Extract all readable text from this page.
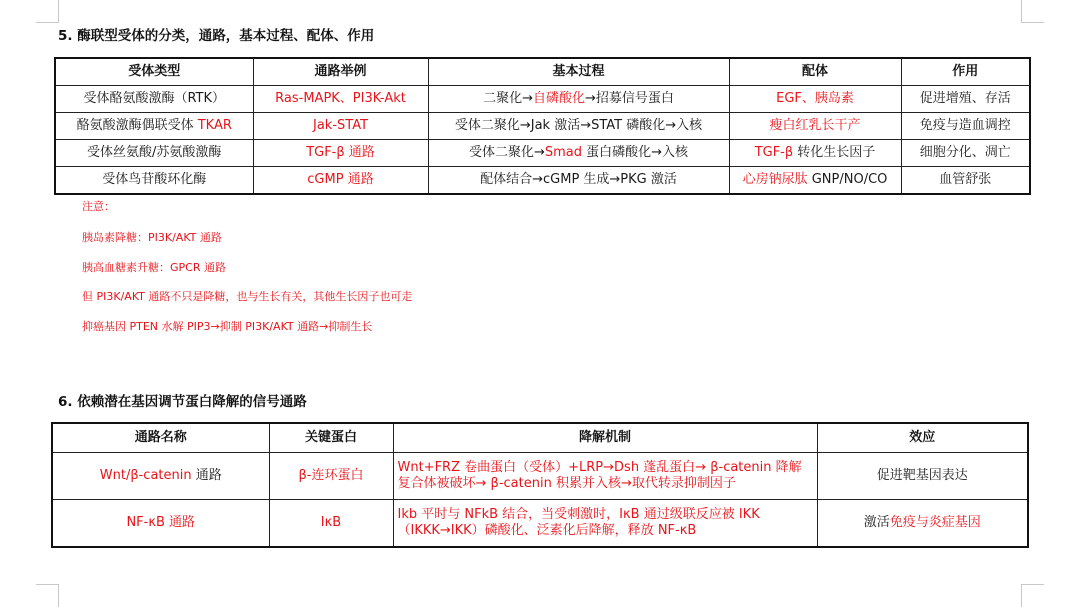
5. 酶联型受体的分类，通路，基本过程、配体、作用
受体类型	通路举例	基本过程	配体	作用
受体酪氨酸激酶（RTK）	Ras-MAPK、PI3K-Akt	二聚化→自磷酸化→招募信号蛋白	EGF、胰岛素	促进增殖、存活
酪氨酸激酶偶联受体 TKAR	Jak-STAT	受体二聚化→Jak 激活→STAT 磷酸化→入核	瘦白红乳长干产	免疫与造血调控
受体丝氨酸/苏氨酸激酶	TGF-β 通路	受体二聚化→Smad 蛋白磷酸化→入核	TGF-β 转化生长因子	细胞分化、凋亡
受体鸟苷酸环化酶	cGMP 通路	配体结合→cGMP 生成→PKG 激活	心房钠尿肽 GNP/NO/CO	血管舒张
注意：
胰岛素降糖：PI3K/AKT 通路
胰高血糖素升糖：GPCR 通路
但 PI3K/AKT 通路不只是降糖，也与生长有关，其他生长因子也可走
抑癌基因 PTEN 水解 PIP3→抑制 PI3K/AKT 通路→抑制生长
6. 依赖潜在基因调节蛋白降解的信号通路
通路名称	关键蛋白	降解机制	效应
Wnt/β-catenin 通路	β-连环蛋白	Wnt+FRZ 卷曲蛋白（受体）+LRP→Dsh 蓬乱蛋白→ β-catenin 降解复合体被破坏→ β-catenin 积累并入核→取代转录抑制因子	促进靶基因表达
NF-κB 通路	IκB	Ikb 平时与 NFkB 结合，当受刺激时，IκB 通过级联反应被 IKK（IKKK→IKK）磷酸化、泛素化后降解，释放 NF-κB	激活免疫与炎症基因
